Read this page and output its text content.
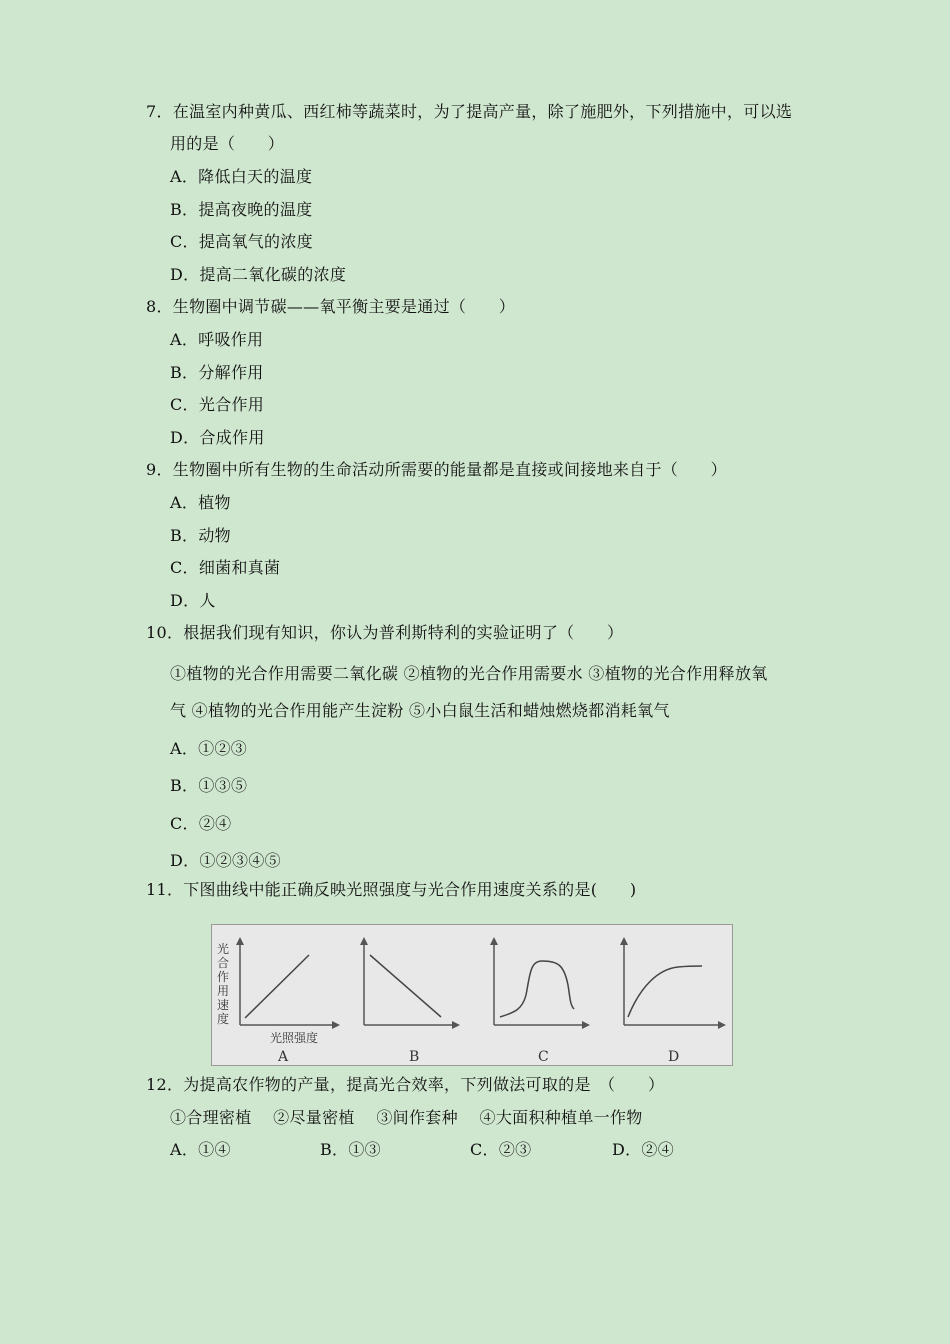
7．在温室内种黄瓜、西红柿等蔬菜时，为了提高产量，除了施肥外，下列措施中，可以选
用的是（　　）
A．降低白天的温度
B．提高夜晚的温度
C．提高氧气的浓度
D．提高二氧化碳的浓度
8．生物圈中调节碳——氧平衡主要是通过（　　）
A．呼吸作用
B．分解作用
C．光合作用
D．合成作用
9．生物圈中所有生物的生命活动所需要的能量都是直接或间接地来自于（　　）
A．植物
B．动物
C．细菌和真菌
D．人
10．根据我们现有知识，你认为普利斯特利的实验证明了（　　）
①植物的光合作用需要二氧化碳 ②植物的光合作用需要水 ③植物的光合作用释放氧
气 ④植物的光合作用能产生淀粉 ⑤小白鼠生活和蜡烛燃烧都消耗氧气
A．①②③
B．①③⑤
C．②④
D．①②③④⑤
11．下图曲线中能正确反映光照强度与光合作用速度关系的是(　　)
光合作用速度
光照强度
A	B	C	D
12．为提高农作物的产量，提高光合效率，下列做法可取的是　（　　）
①合理密植　 ②尽量密植　 ③间作套种　 ④大面积种植单一作物
A．①④	B．①③	C．②③	D．②④
